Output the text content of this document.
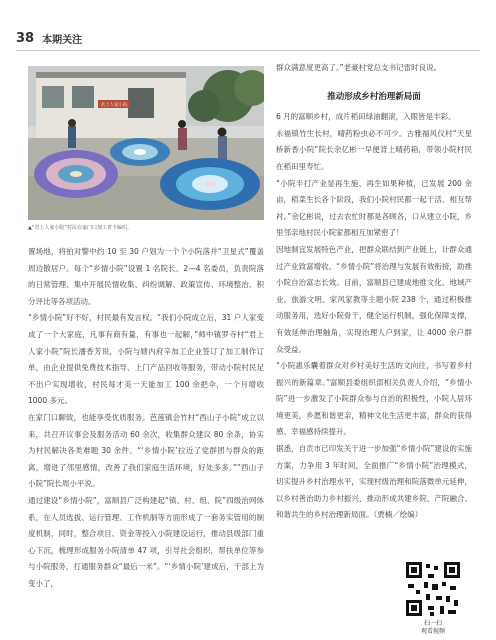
38 本期关注
君上人家小院
▲“君上人家小院”村民在家门口加工青卡编织。

置场地，将拍对警中约 10 至 30 户划为一个个小院落并“卫星式”覆盖周边散居户。每个“乡情小院”设置 1 名院长、2—4 名委员，负责院落的日常管理、集中开展民情收集、纠纷调解、政策宣传、环境整治、积分评比等各项活动。

“乡情小院”好不好，村民最有发言权。“我们小院成立后，31 户人家变成了一个大家庭，凡事有商有量，有事也一起解，”师中镇罗寺村“君上人家小院”院长潘香芳说，小院与辖内府辛加工企业签订了加工制作订单，由企业提供免费技术指导、上门产品回收等服务，带动小院村民足不出户实现增收，村民每才美一天能加工 100 余把伞，一个月增收 1000 多元。

在家门口聊致，也能享受优质服务。芭莲镇会竹村“西山子小院”成立以来，共召开议事会及服务活动 60 余次，收集群众建议 80 余条，协实为村民解决各类难题 30 余件。“‘乡情小院’拉近了党群团与群众的距离，增进了邻里感情，改善了我们家庭生活环境，好处多多。”“西山子小院”院长周小平说。

通过建设“乡情小院”，富顺县广泛构建起“镇、村、组、院”四级治网体系，在人员选拔、运行管理、工作机制等方面形成了一套务实管用的制度机制，同时，整合项目、资金等投入小院建设运行，推动县级部门重心下沉，梳理形成服务小院清单 47 项，引导社会组织，帮扶单位等参与小院服务，打通服务群众“最后一米”。“‘乡情小院’建成后，干部上为变小了，

群众满意度更高了。”老豪村党总支书记雷时良说。

推动形成乡村治理新局面

6 月的富顺乡村，成片稻田绿油翻滚，入眼皆是丰彩。

永福镇竹生长村，晴药粉虫必不可少。古雅福风仪村“天星桥新香小院”院长余亿彬一早便背上晴药箱，带领小院村民在稻田里寿忙。

“小院半打产业显再生施、再生如果种植，已发展 200 余亩，稻菜生长各个阶段，我们小院村民都一起干活、相互帮衬。”余亿彬说，过去农忙时都是各顾各，口从建立小院，乡里邻亲地村民小院家都相互加紧密了！

因地制宜发展特色产业，把群众联结到产业链上，计群众通过产业致富增收。“乡情小院”将治理与发展有效衔接，助推小院自治富志长效。目前，富顺县已建成地推文化、地域产业、旅游文明、家风家教等主题小院 238 个，通过积极推动服务用，选好小院骨干，健全运行机制，强化保障支撑，有效延伸治理触角，实现治理人户到家，让 4000 余户群众受益。

“小院惠乐囊着群众对乡村美好生活的文向往，书写着乡村振兴的新篇章。”富顺县委组织部相关负责人介绍，“乡情小院”进一步激发了小院群众参与自治的积极性，小院人居环境更美，乡愿和谐更亲，精神文化生活更丰富，群众的获得感、幸福感持续提升。

据悉，自贡市已印发关于进一步加强“乡情小院”建设的实施方案，力争用 3 年时间，全面推广“乡情小院”治理模式，切实提升乡村治理水平，实现村级治理和院落微单元延伸，以乡村善治助力乡村振兴，推动形成共建乡院、产院融合、和谐共生的乡村治理新局面。（贾楠／绘编）

扫一扫
观看视频
